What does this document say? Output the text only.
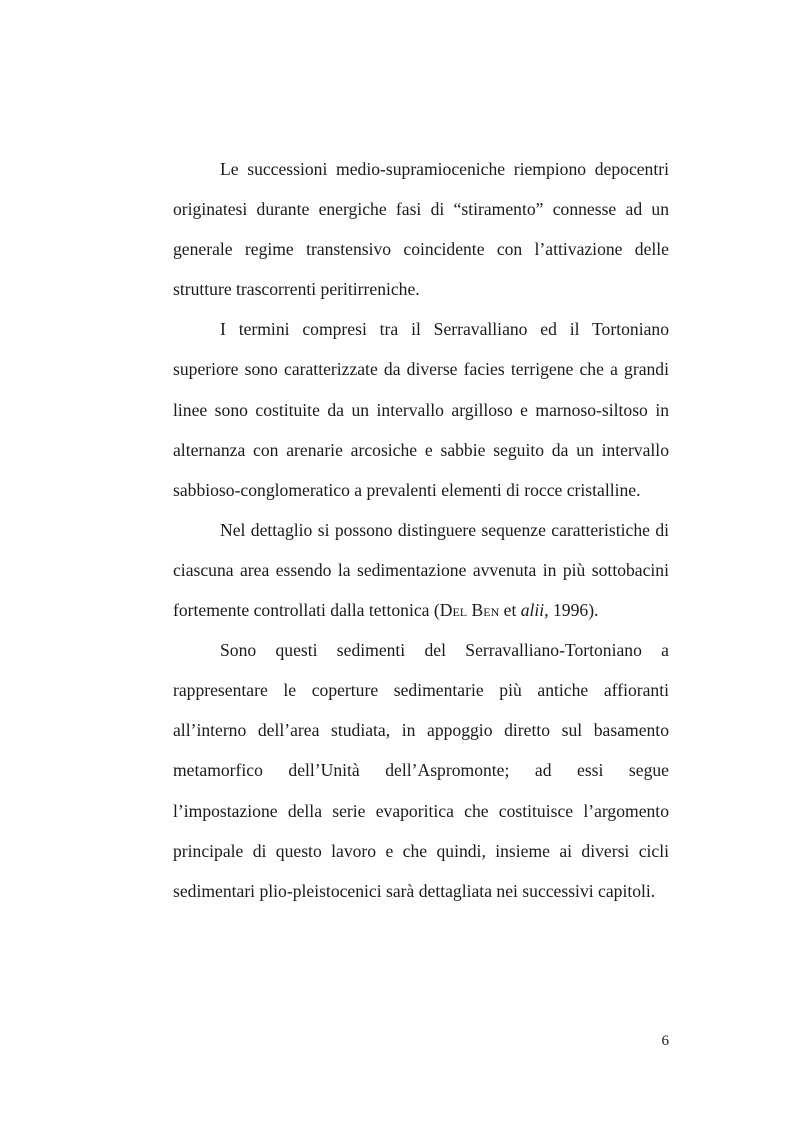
Le successioni medio-supramioceniche riempiono depocentri originatesi durante energiche fasi di “stiramento” connesse ad un generale regime transtensivo coincidente con l’attivazione delle strutture trascorrenti peritirreniche.

I termini compresi tra il Serravalliano ed il Tortoniano superiore sono caratterizzate da diverse facies terrigene che a grandi linee sono costituite da un intervallo argilloso e marnoso-siltoso in alternanza con arenarie arcosiche e sabbie seguito da un intervallo sabbioso-conglomeratico a prevalenti elementi di rocce cristalline.

Nel dettaglio si possono distinguere sequenze caratteristiche di ciascuna area essendo la sedimentazione avvenuta in più sottobacini fortemente controllati dalla tettonica (Del Ben et alii, 1996).

Sono questi sedimenti del Serravalliano-Tortoniano a rappresentare le coperture sedimentarie più antiche affioranti all’interno dell’area studiata, in appoggio diretto sul basamento metamorfico dell’Unità dell’Aspromonte; ad essi segue l’impostazione della serie evaporitica che costituisce l’argomento principale di questo lavoro e che quindi, insieme ai diversi cicli sedimentari plio-pleistocenici sarà dettagliata nei successivi capitoli.

6
